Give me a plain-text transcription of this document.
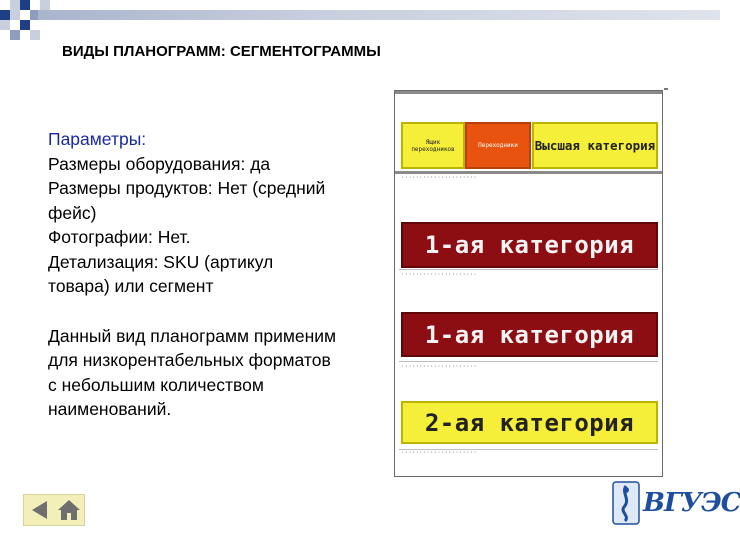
ВИДЫ ПЛАНОГРАММ: СЕГМЕНТОГРАММЫ
Параметры:
Размеры оборудования: да
Размеры продуктов: Нет (средний
фейс)
Фотографии: Нет.
Детализация: SKU (артикул
товара) или сегмент
Данный вид планограмм применим
для низкорентабельных форматов
с небольшим количеством
наименований.
Ящик переходников	Переходники	Высшая категория
·····················
1-ая категория
·····················
1-ая категория
·····················
2-ая категория
·····················
ВГУЭС
